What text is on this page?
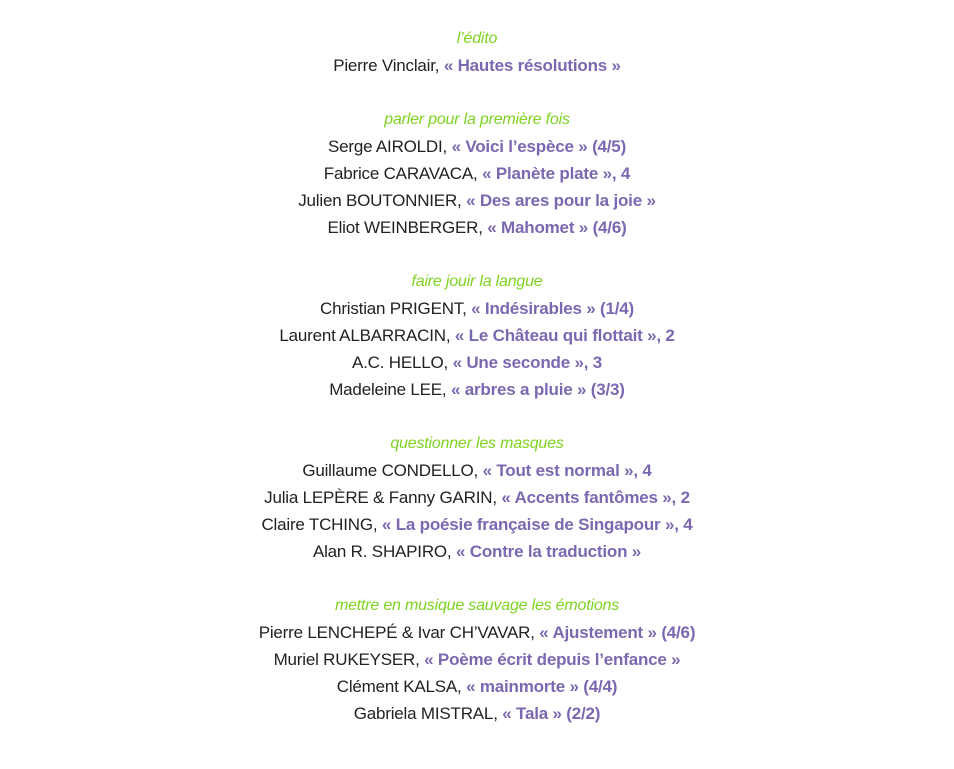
l’édito
Pierre Vinclair, « Hautes résolutions »
parler pour la première fois
Serge AIROLDI, « Voici l’espèce » (4/5)
Fabrice CARAVACA, « Planète plate », 4
Julien BOUTONNIER, « Des ares pour la joie »
Eliot WEINBERGER, « Mahomet » (4/6)
faire jouir la langue
Christian PRIGENT, « Indésirables » (1/4)
Laurent ALBARRACIN, « Le Château qui flottait », 2
A.C. HELLO, « Une seconde », 3
Madeleine LEE, « arbres a pluie » (3/3)
questionner les masques
Guillaume CONDELLO, « Tout est normal », 4
Julia LEPÈRE & Fanny GARIN, « Accents fantômes », 2
Claire TCHING, « La poésie française de Singapour », 4
Alan R. SHAPIRO, « Contre la traduction »
mettre en musique sauvage les émotions
Pierre LENCHEPÉ & Ivar CH’VAVAR, « Ajustement » (4/6)
Muriel RUKEYSER, « Poème écrit depuis l’enfance »
Clément KALSA, « mainmorte » (4/4)
Gabriela MISTRAL, « Tala » (2/2)
